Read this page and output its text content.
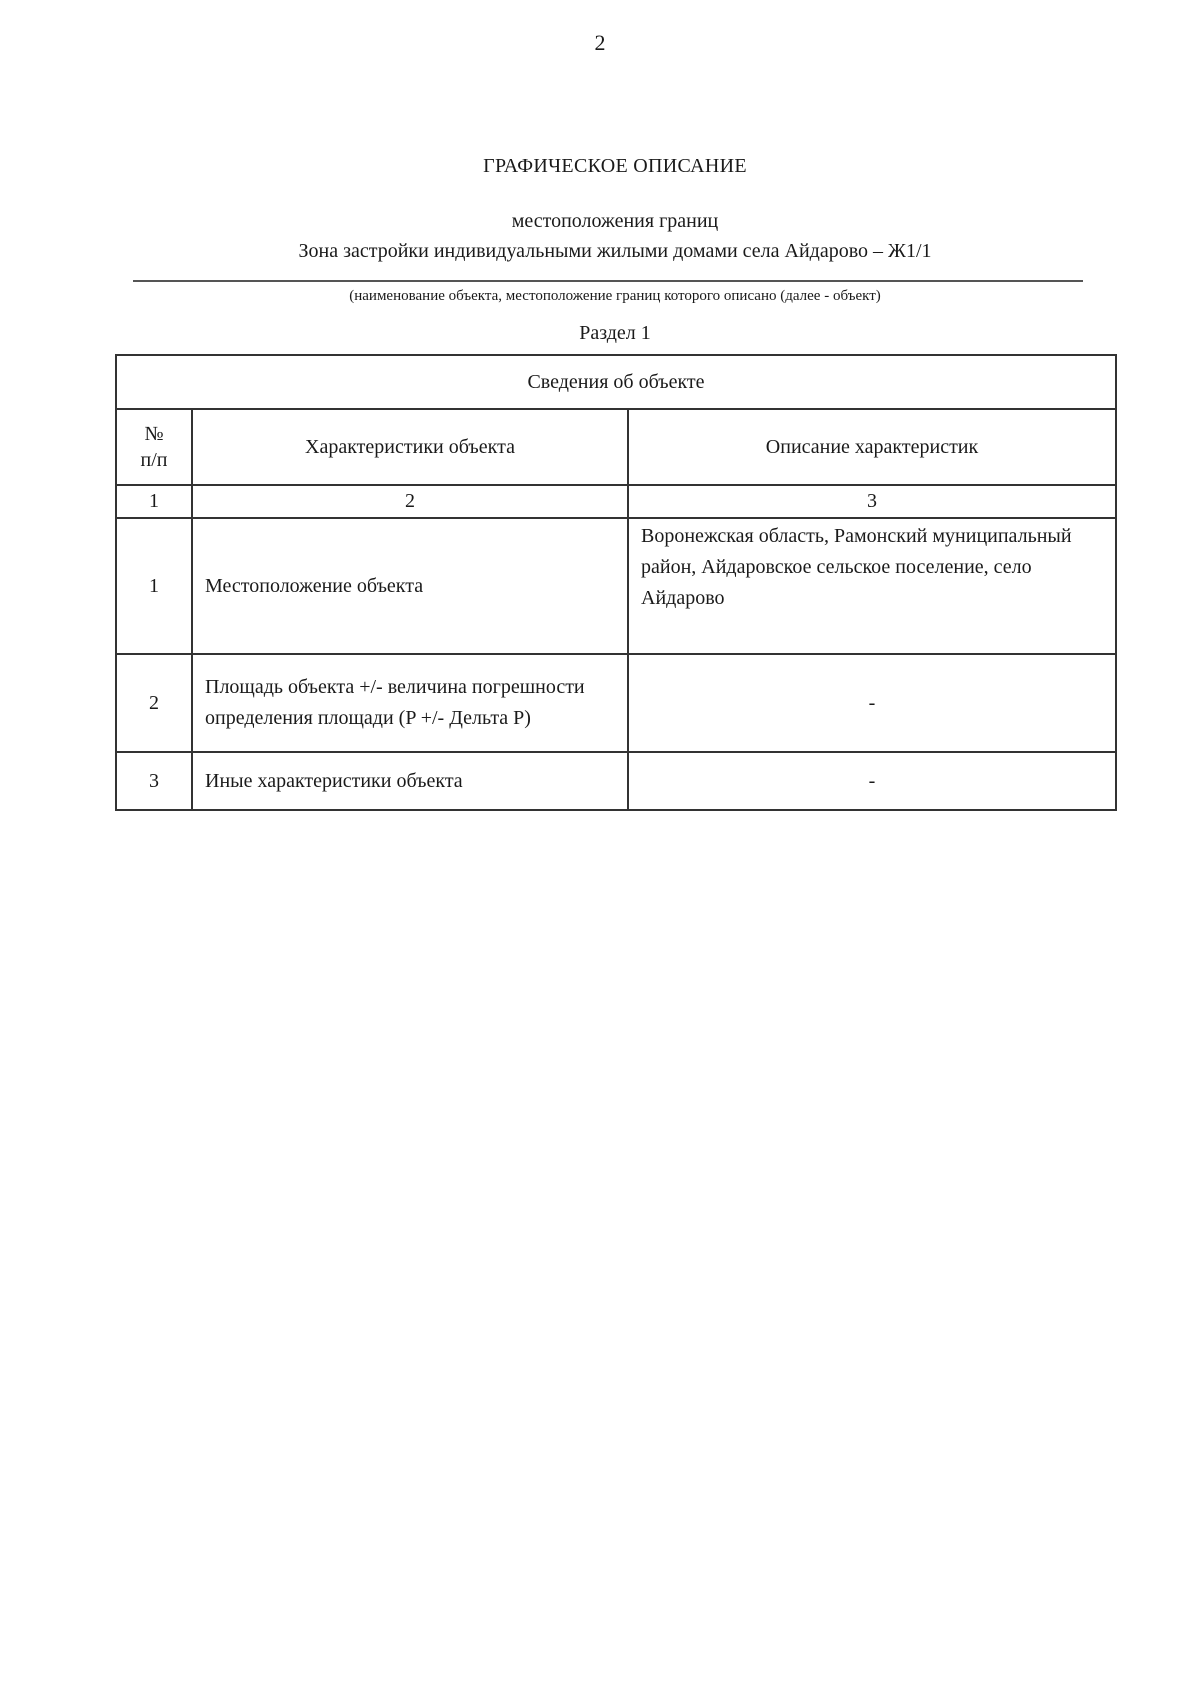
2
ГРАФИЧЕСКОЕ ОПИСАНИЕ
местоположения границ
Зона застройки индивидуальными жилыми домами села Айдарово – Ж1/1
(наименование объекта, местоположение границ которого описано (далее - объект)
Раздел 1
Сведения об объекте		

№
п/п	Характеристики объекта	Описание характеристик
1	2	3
1	Местоположение объекта	Воронежская область, Рамонский муниципальный район, Айдаровское сельское поселение, село Айдарово
2	Площадь объекта +/- величина погрешности определения площади (P +/- Дельта P)	-
3	Иные характеристики объекта	-
